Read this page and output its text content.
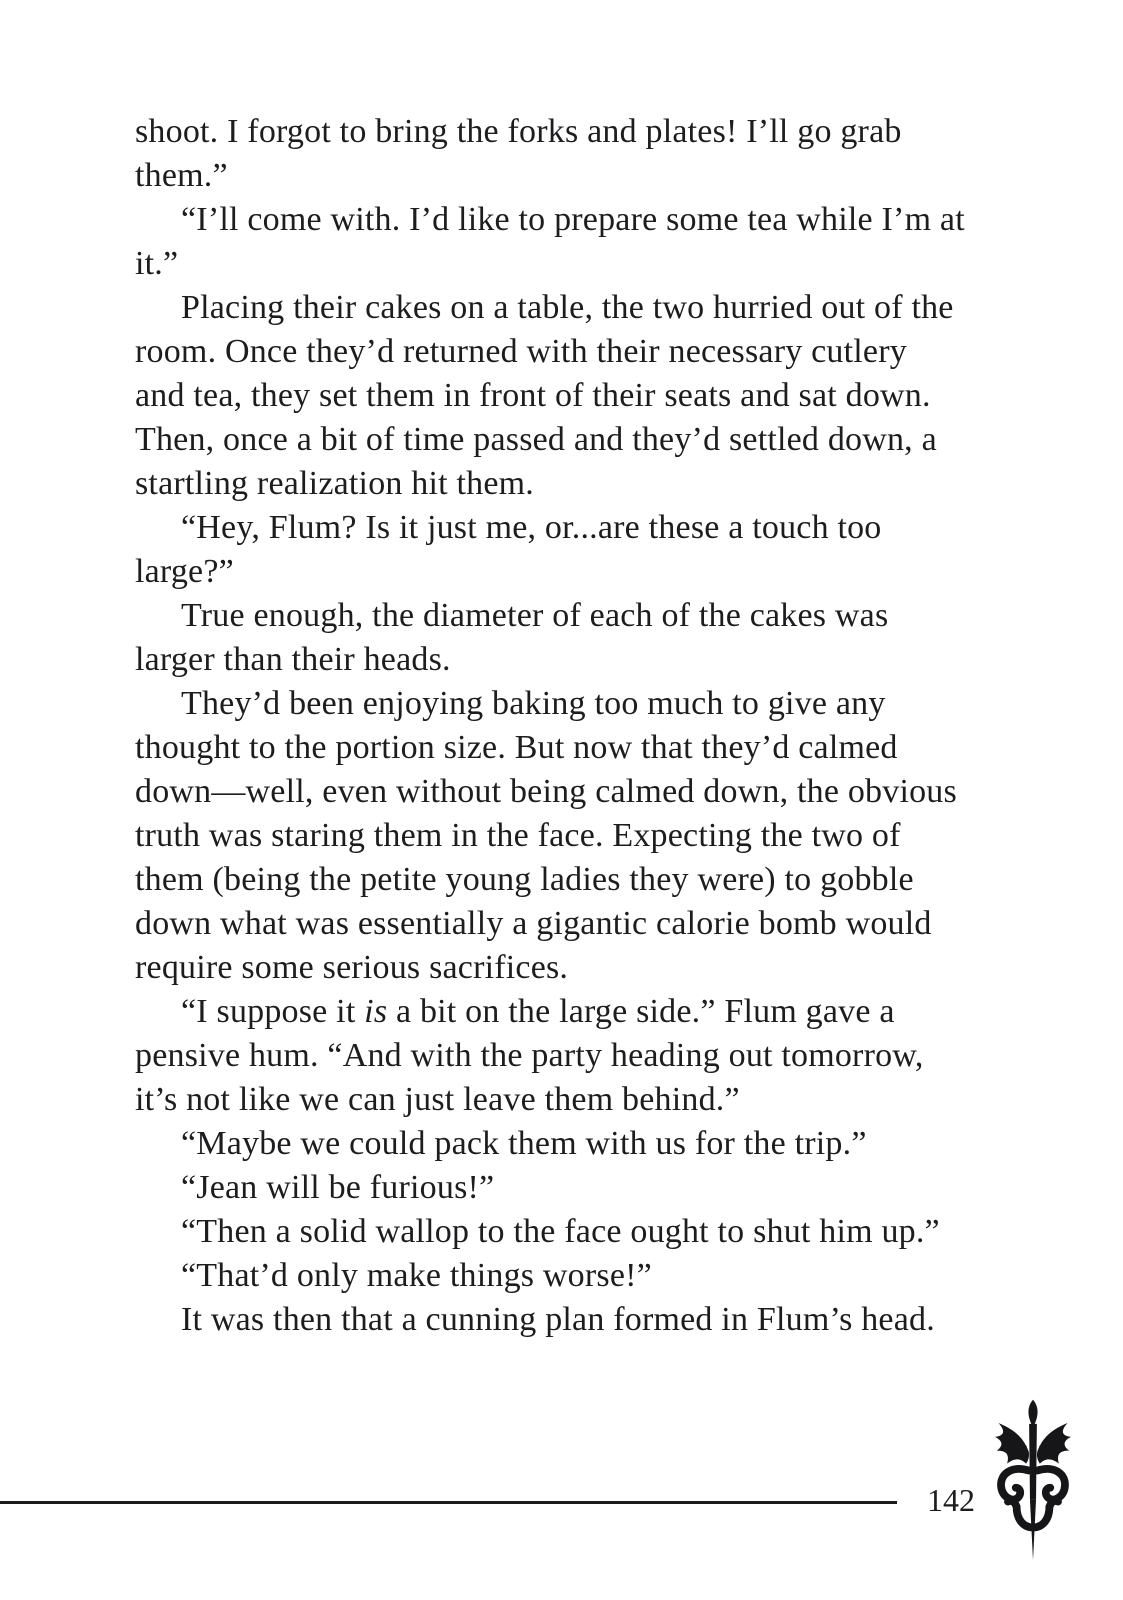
shoot. I forgot to bring the forks and plates! I’ll go grab
them.”
“I’ll come with. I’d like to prepare some tea while I’m at
it.”
Placing their cakes on a table, the two hurried out of the
room. Once they’d returned with their necessary cutlery
and tea, they set them in front of their seats and sat down.
Then, once a bit of time passed and they’d settled down, a
startling realization hit them.
“Hey, Flum? Is it just me, or...are these a touch too
large?”
True enough, the diameter of each of the cakes was
larger than their heads.
They’d been enjoying baking too much to give any
thought to the portion size. But now that they’d calmed
down—well, even without being calmed down, the obvious
truth was staring them in the face. Expecting the two of
them (being the petite young ladies they were) to gobble
down what was essentially a gigantic calorie bomb would
require some serious sacrifices.
“I suppose it is a bit on the large side.” Flum gave a
pensive hum. “And with the party heading out tomorrow,
it’s not like we can just leave them behind.”
“Maybe we could pack them with us for the trip.”
“Jean will be furious!”
“Then a solid wallop to the face ought to shut him up.”
“That’d only make things worse!”
It was then that a cunning plan formed in Flum’s head.
142
